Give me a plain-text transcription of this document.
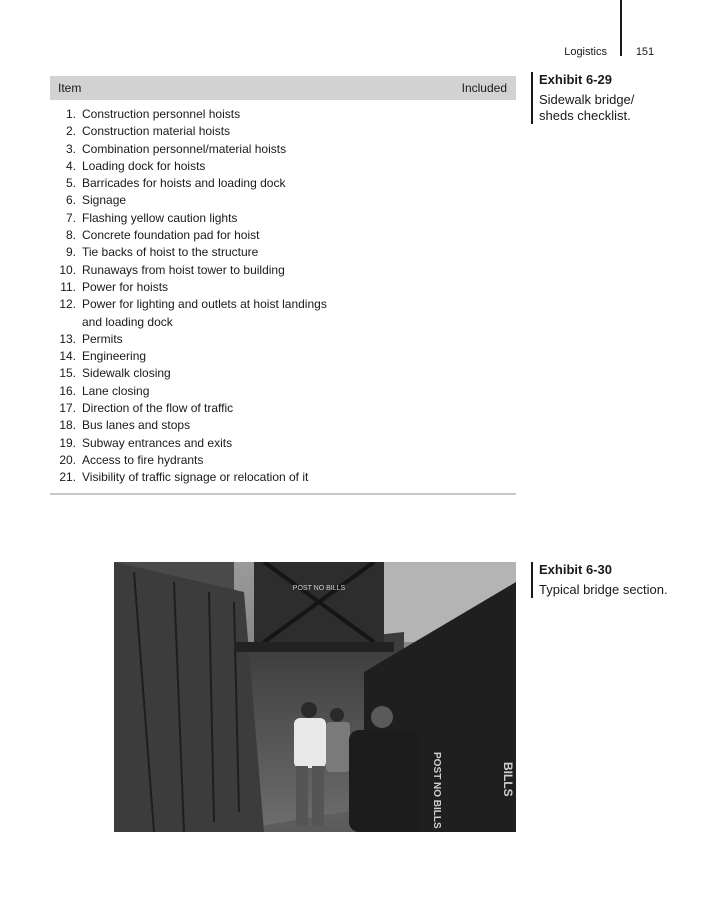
Logistics	151
Item	Included
1. Construction personnel hoists
2. Construction material hoists
3. Combination personnel/material hoists
4. Loading dock for hoists
5. Barricades for hoists and loading dock
6. Signage
7. Flashing yellow caution lights
8. Concrete foundation pad for hoist
9. Tie backs of hoist to the structure
10. Runaways from hoist tower to building
11. Power for hoists
12. Power for lighting and outlets at hoist landings and loading dock
13. Permits
14. Engineering
15. Sidewalk closing
16. Lane closing
17. Direction of the flow of traffic
18. Bus lanes and stops
19. Subway entrances and exits
20. Access to fire hydrants
21. Visibility of traffic signage or relocation of it
Exhibit 6-29
Sidewalk bridge/ sheds checklist.
Exhibit 6-30
Typical bridge section.
POST NO BILLS
POST NO BILLS	BILLS
